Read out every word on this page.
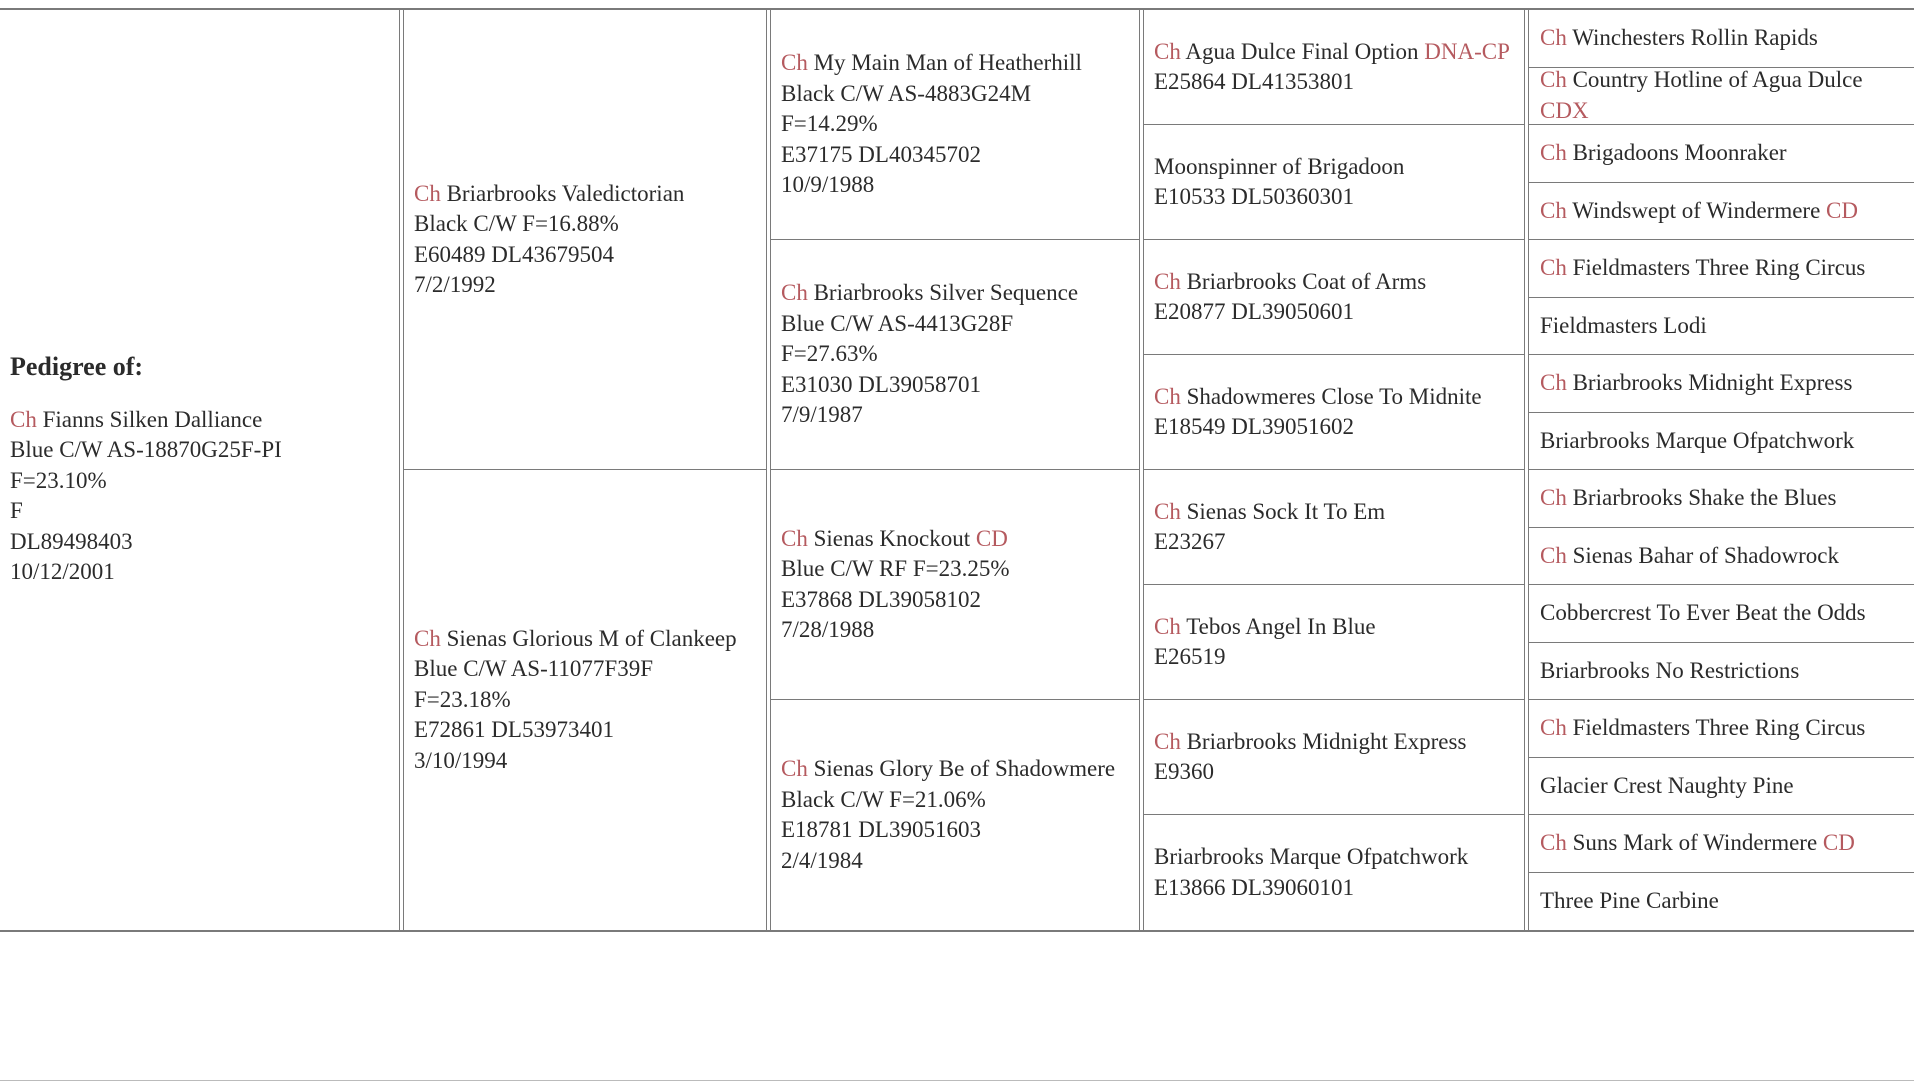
Pedigree of:
Ch Fianns Silken Dalliance
Blue C/W AS-18870G25F-PI
F=23.10%
F
DL89498403
10/12/2001
Ch Briarbrooks Valedictorian
Black C/W F=16.88%
E60489 DL43679504
7/2/1992
Ch Sienas Glorious M of Clankeep
Blue C/W AS-11077F39F
F=23.18%
E72861 DL53973401
3/10/1994
Ch My Main Man of Heatherhill
Black C/W AS-4883G24M
F=14.29%
E37175 DL40345702
10/9/1988
Ch Briarbrooks Silver Sequence
Blue C/W AS-4413G28F
F=27.63%
E31030 DL39058701
7/9/1987
Ch Sienas Knockout CD
Blue C/W RF F=23.25%
E37868 DL39058102
7/28/1988
Ch Sienas Glory Be of Shadowmere
Black C/W F=21.06%
E18781 DL39051603
2/4/1984
Ch Agua Dulce Final Option DNA-CP
E25864 DL41353801
Moonspinner of Brigadoon
E10533 DL50360301
Ch Briarbrooks Coat of Arms
E20877 DL39050601
Ch Shadowmeres Close To Midnite
E18549 DL39051602
Ch Sienas Sock It To Em
E23267
Ch Tebos Angel In Blue
E26519
Ch Briarbrooks Midnight Express
E9360
Briarbrooks Marque Ofpatchwork
E13866 DL39060101
Ch Winchesters Rollin Rapids
Ch Country Hotline of Agua Dulce CDX
Ch Brigadoons Moonraker
Ch Windswept of Windermere CD
Ch Fieldmasters Three Ring Circus
Fieldmasters Lodi
Ch Briarbrooks Midnight Express
Briarbrooks Marque Ofpatchwork
Ch Briarbrooks Shake the Blues
Ch Sienas Bahar of Shadowrock
Cobbercrest To Ever Beat the Odds
Briarbrooks No Restrictions
Ch Fieldmasters Three Ring Circus
Glacier Crest Naughty Pine
Ch Suns Mark of Windermere CD
Three Pine Carbine
